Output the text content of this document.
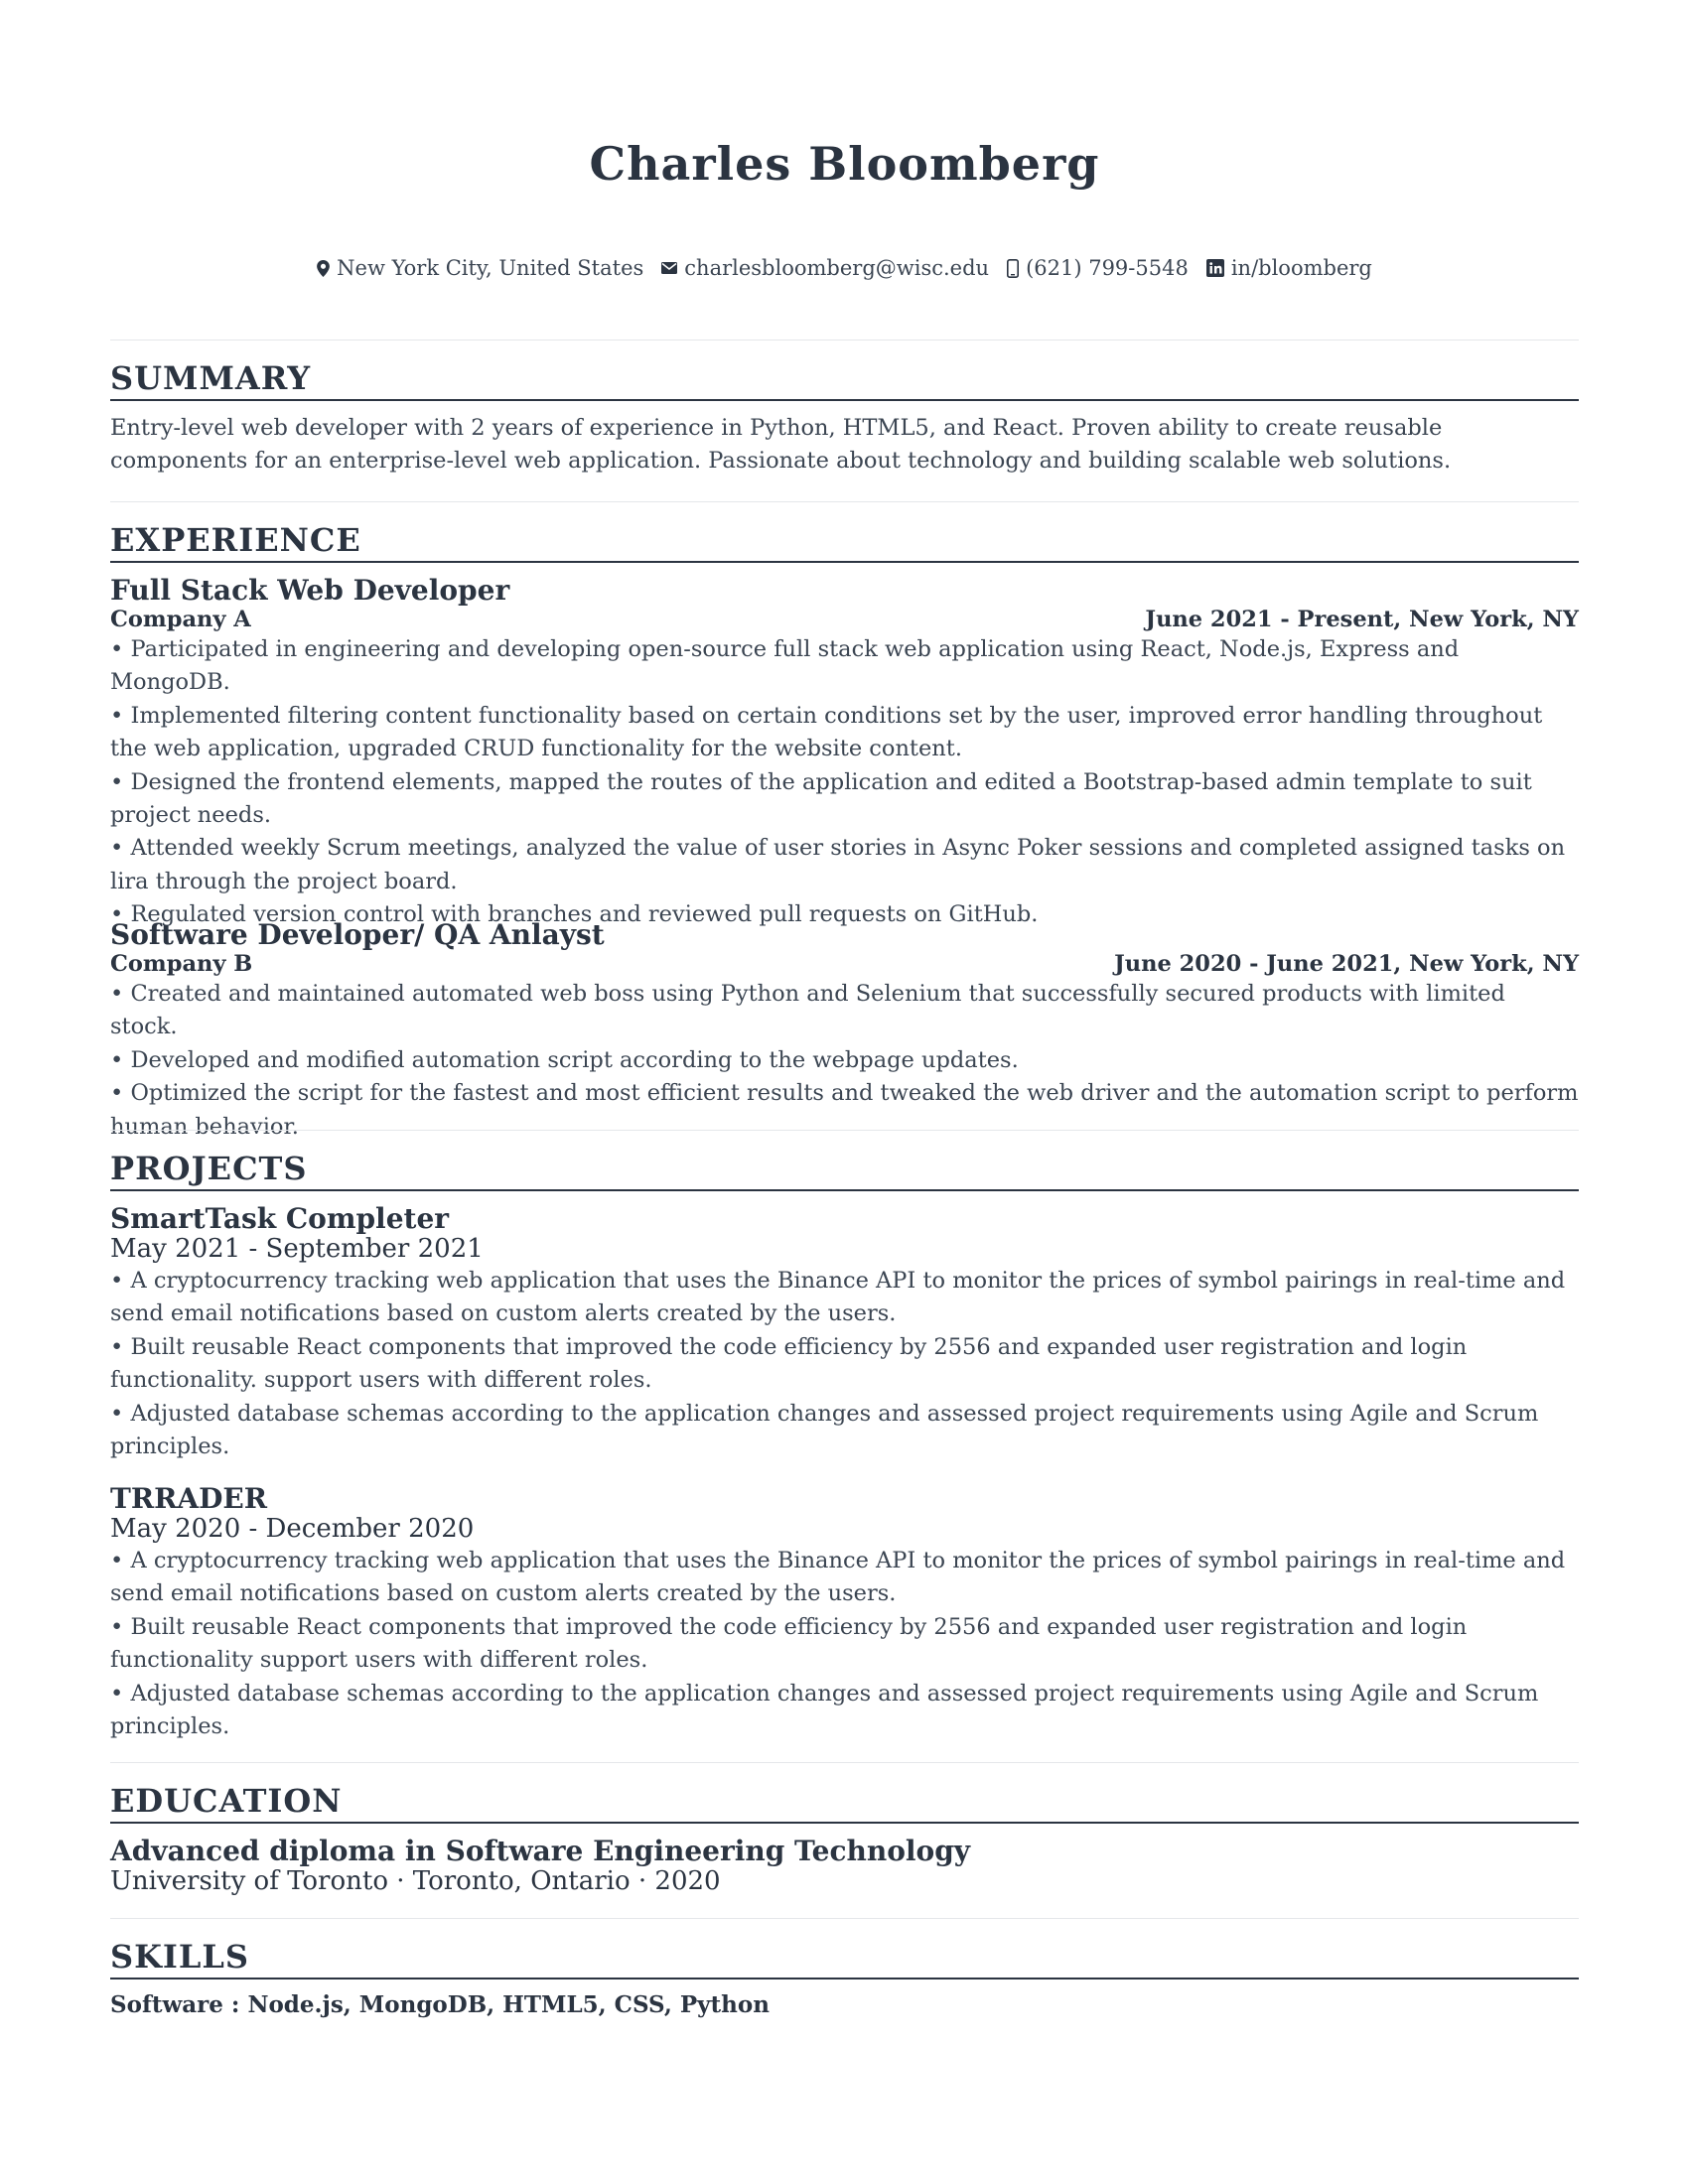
Charles Bloomberg
New York City, United States charlesbloomberg@wisc.edu (621) 799-5548 in/bloomberg
SUMMARY

Entry-level web developer with 2 years of experience in Python, HTML5, and React. Proven ability to create reusable components for an enterprise-level web application. Passionate about technology and building scalable web solutions.

EXPERIENCE
Full Stack Web Developer
Company A	June 2021 - Present, New York, NY
• Participated in engineering and developing open-source full stack web application using React, Node.js, Express and MongoDB.
• Implemented filtering content functionality based on certain conditions set by the user, improved error handling throughout the web application, upgraded CRUD functionality for the website content.
• Designed the frontend elements, mapped the routes of the application and edited a Bootstrap-based admin template to suit project needs.
• Attended weekly Scrum meetings, analyzed the value of user stories in Async Poker sessions and completed assigned tasks on lira through the project board.
• Regulated version control with branches and reviewed pull requests on GitHub.
Software Developer/ QA Anlayst
Company B	June 2020 - June 2021, New York, NY
• Created and maintained automated web boss using Python and Selenium that successfully secured products with limited stock.
• Developed and modified automation script according to the webpage updates.
• Optimized the script for the fastest and most efficient results and tweaked the web driver and the automation script to perform human behavior.
PROJECTS
SmartTask Completer
May 2021 - September 2021
• A cryptocurrency tracking web application that uses the Binance API to monitor the prices of symbol pairings in real-time and send email notifications based on custom alerts created by the users.
• Built reusable React components that improved the code efficiency by 2556 and expanded user registration and login functionality. support users with different roles.
• Adjusted database schemas according to the application changes and assessed project requirements using Agile and Scrum principles.
TRRADER
May 2020 - December 2020
• A cryptocurrency tracking web application that uses the Binance API to monitor the prices of symbol pairings in real-time and send email notifications based on custom alerts created by the users.
• Built reusable React components that improved the code efficiency by 2556 and expanded user registration and login functionality support users with different roles.
• Adjusted database schemas according to the application changes and assessed project requirements using Agile and Scrum principles.
EDUCATION
Advanced diploma in Software Engineering Technology
University of Toronto · Toronto, Ontario · 2020
SKILLS
Software : Node.js, MongoDB, HTML5, CSS, Python
